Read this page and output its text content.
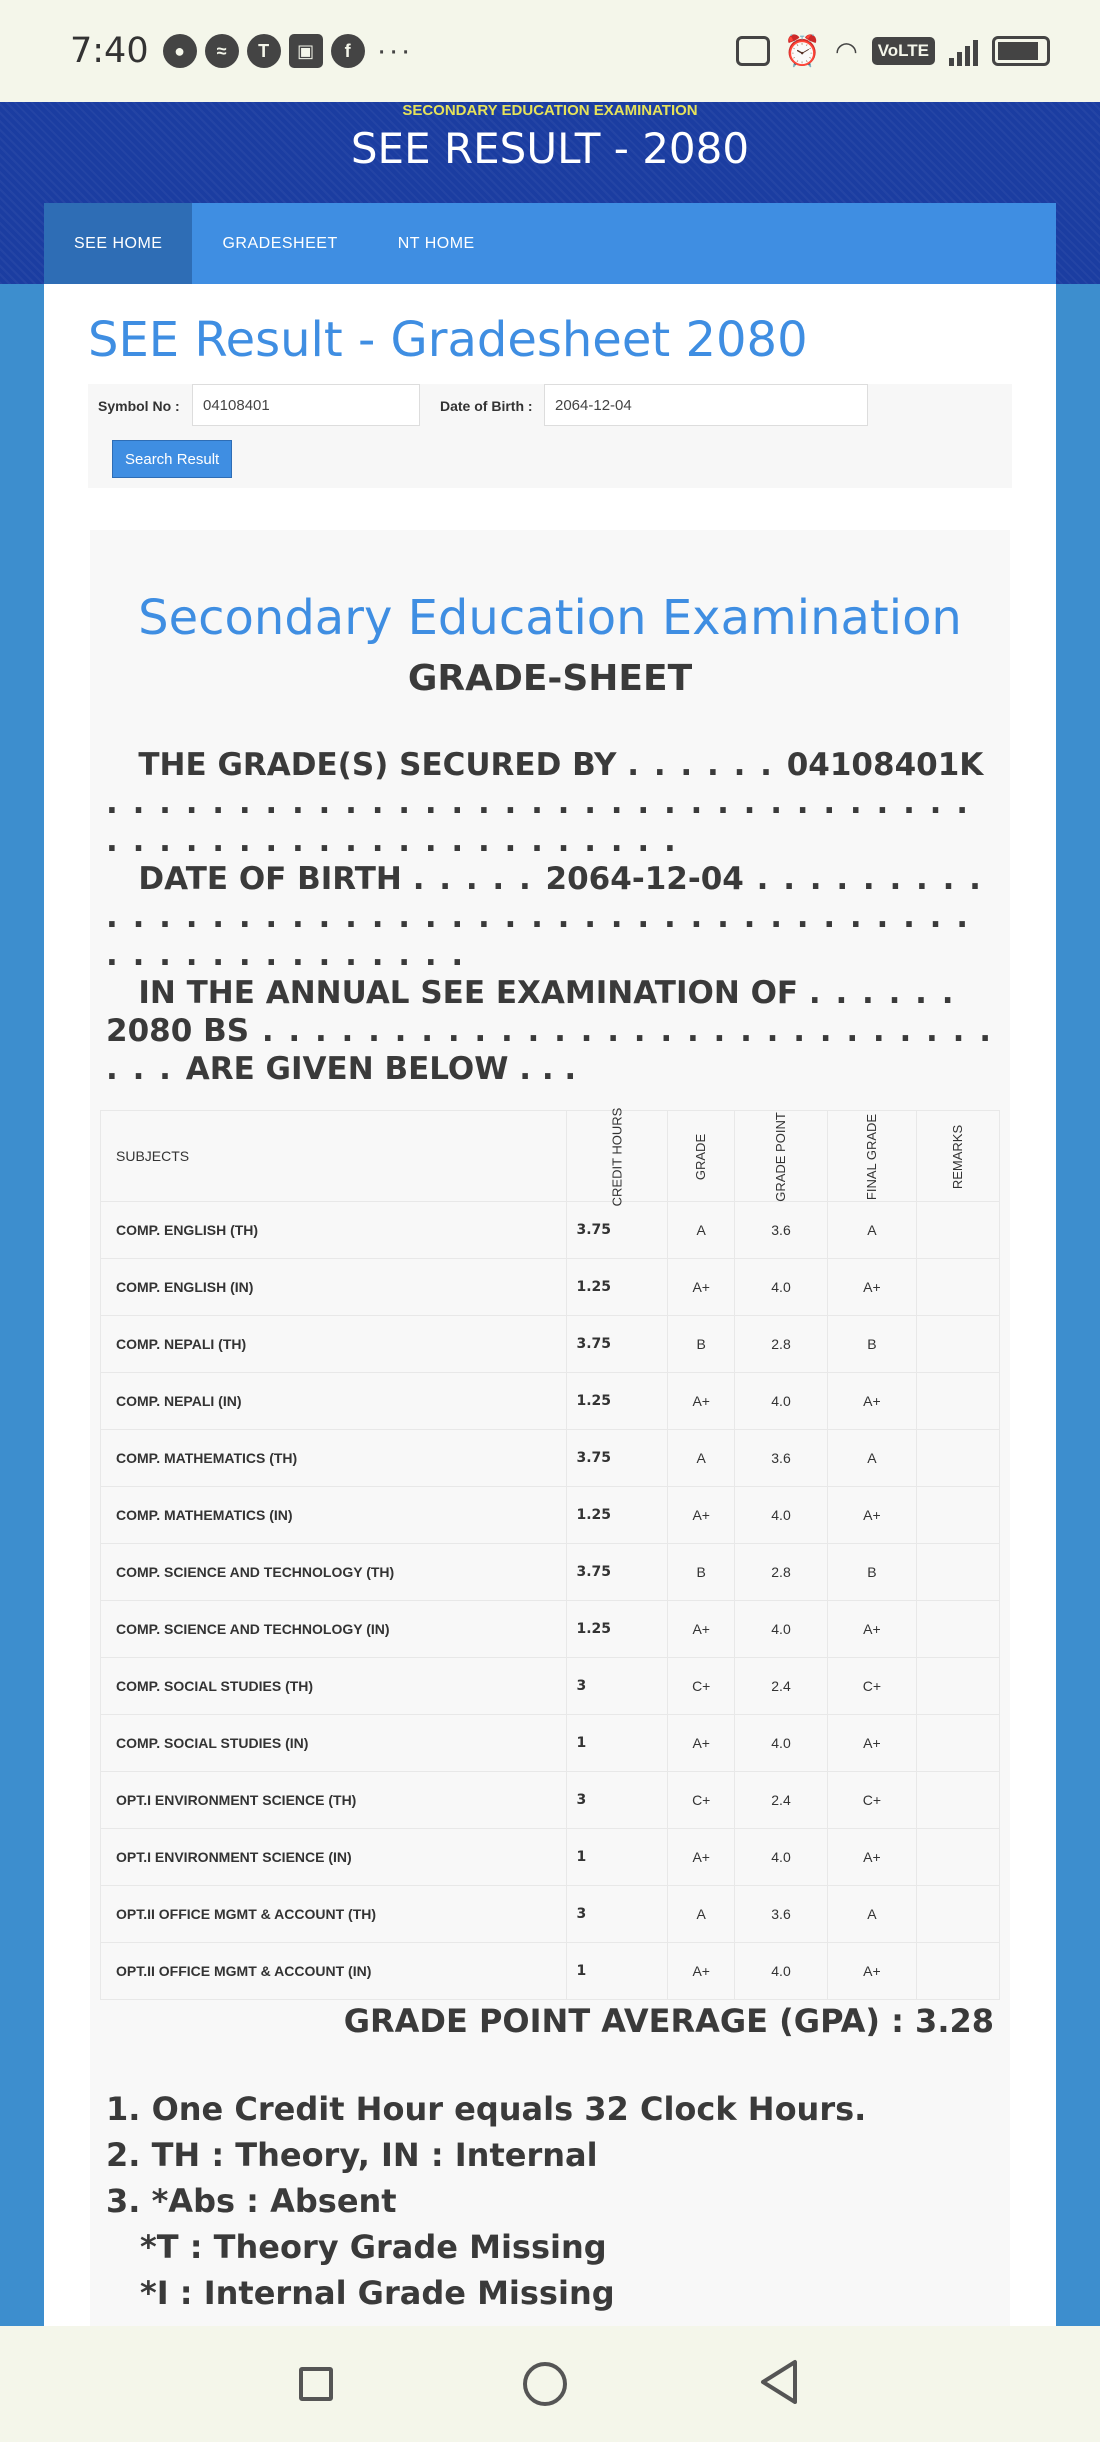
7:40	●	≈	T	▣	f ···	⏰ ◠	VoLTE
SECONDARY EDUCATION EXAMINATION
SEE RESULT - 2080
SEE HOME	GRADESHEET	NT HOME
SEE Result - Gradesheet 2080
Symbol No :	04108401	Date of Birth :	2064-12-04
Search Result
Secondary Education Examination
GRADE-SHEET
THE GRADE(S) SECURED BY . . . . . . 04108401K . . . . . . . . . . . . . . . . . . . . . . . . . . . . . . . . . . . . . . . . . . . . . . . . . . . . . . .
DATE OF BIRTH . . . . . 2064-12-04 . . . . . . . . . . . . . . . . . . . . . . . . . . . . . . . . . . . . . . . . . . . . . . . . . . . . . . . .
IN THE ANNUAL SEE EXAMINATION OF . . . . . . 2080 BS . . . . . . . . . . . . . . . . . . . . . . . . . . . . . . . ARE GIVEN BELOW . . .
SUBJECTS	CREDIT HOURS	GRADE	GRADE POINT	FINAL GRADE	REMARKS
COMP. ENGLISH (TH)	3.75	A	3.6	A	
COMP. ENGLISH (IN)	1.25	A+	4.0	A+	
COMP. NEPALI (TH)	3.75	B	2.8	B	
COMP. NEPALI (IN)	1.25	A+	4.0	A+	
COMP. MATHEMATICS (TH)	3.75	A	3.6	A	
COMP. MATHEMATICS (IN)	1.25	A+	4.0	A+	
COMP. SCIENCE AND TECHNOLOGY (TH)	3.75	B	2.8	B	
COMP. SCIENCE AND TECHNOLOGY (IN)	1.25	A+	4.0	A+	
COMP. SOCIAL STUDIES (TH)	3	C+	2.4	C+	
COMP. SOCIAL STUDIES (IN)	1	A+	4.0	A+	
OPT.I ENVIRONMENT SCIENCE (TH)	3	C+	2.4	C+	
OPT.I ENVIRONMENT SCIENCE (IN)	1	A+	4.0	A+	
OPT.II OFFICE MGMT & ACCOUNT (TH)	3	A	3.6	A	
OPT.II OFFICE MGMT & ACCOUNT (IN)	1	A+	4.0	A+	
GRADE POINT AVERAGE (GPA) : 3.28
1. One Credit Hour equals 32 Clock Hours.
2. TH : Theory, IN : Internal
3. *Abs : Absent
*T : Theory Grade Missing
*I : Internal Grade Missing
